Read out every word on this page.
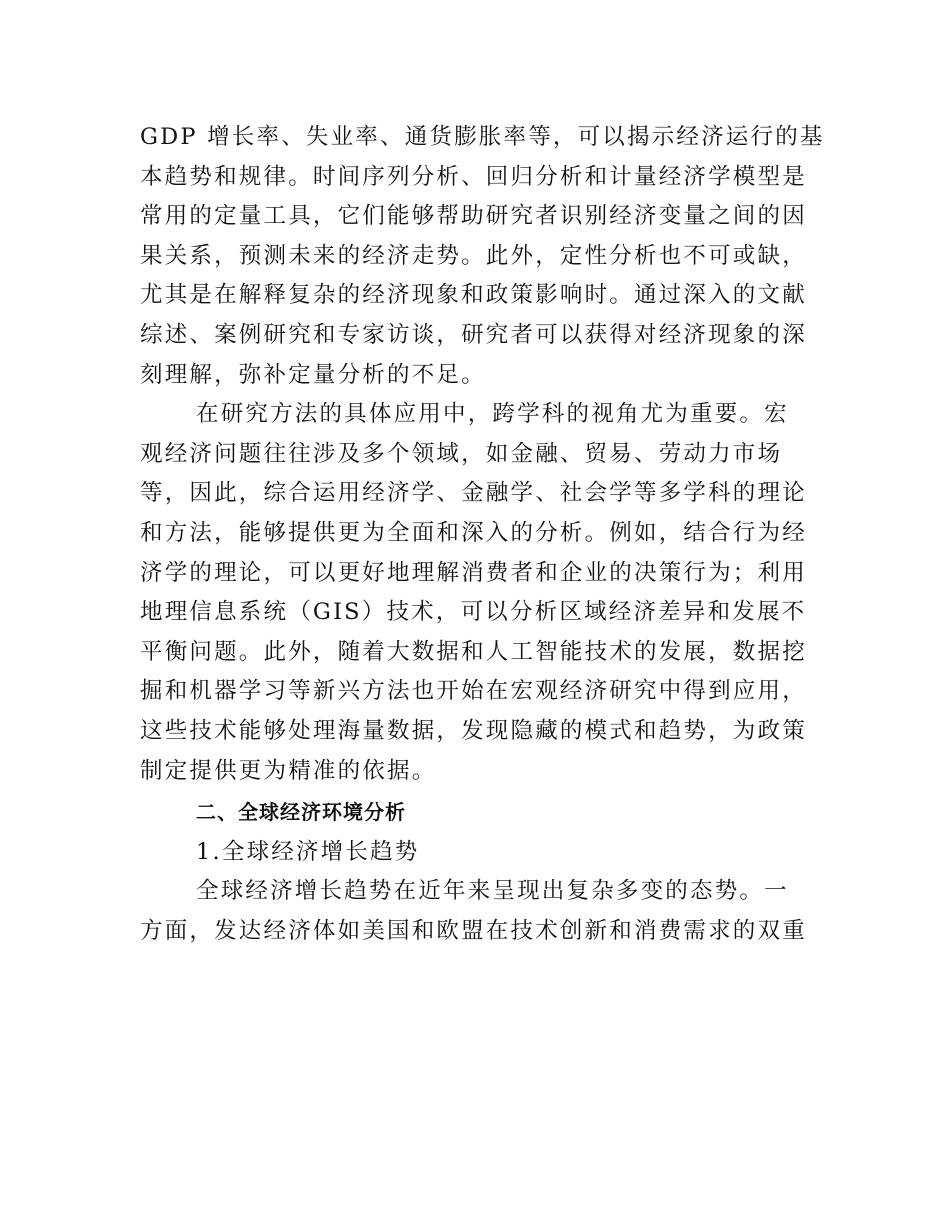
GDP 增长率、失业率、通货膨胀率等，可以揭示经济运行的基
本趋势和规律。时间序列分析、回归分析和计量经济学模型是
常用的定量工具，它们能够帮助研究者识别经济变量之间的因
果关系，预测未来的经济走势。此外，定性分析也不可或缺，
尤其是在解释复杂的经济现象和政策影响时。通过深入的文献
综述、案例研究和专家访谈，研究者可以获得对经济现象的深
刻理解，弥补定量分析的不足。
在研究方法的具体应用中，跨学科的视角尤为重要。宏
观经济问题往往涉及多个领域，如金融、贸易、劳动力市场
等，因此，综合运用经济学、金融学、社会学等多学科的理论
和方法，能够提供更为全面和深入的分析。例如，结合行为经
济学的理论，可以更好地理解消费者和企业的决策行为；利用
地理信息系统（GIS）技术，可以分析区域经济差异和发展不
平衡问题。此外，随着大数据和人工智能技术的发展，数据挖
掘和机器学习等新兴方法也开始在宏观经济研究中得到应用，
这些技术能够处理海量数据，发现隐藏的模式和趋势，为政策
制定提供更为精准的依据。
二、全球经济环境分析
1.全球经济增长趋势
全球经济增长趋势在近年来呈现出复杂多变的态势。一
方面，发达经济体如美国和欧盟在技术创新和消费需求的双重
